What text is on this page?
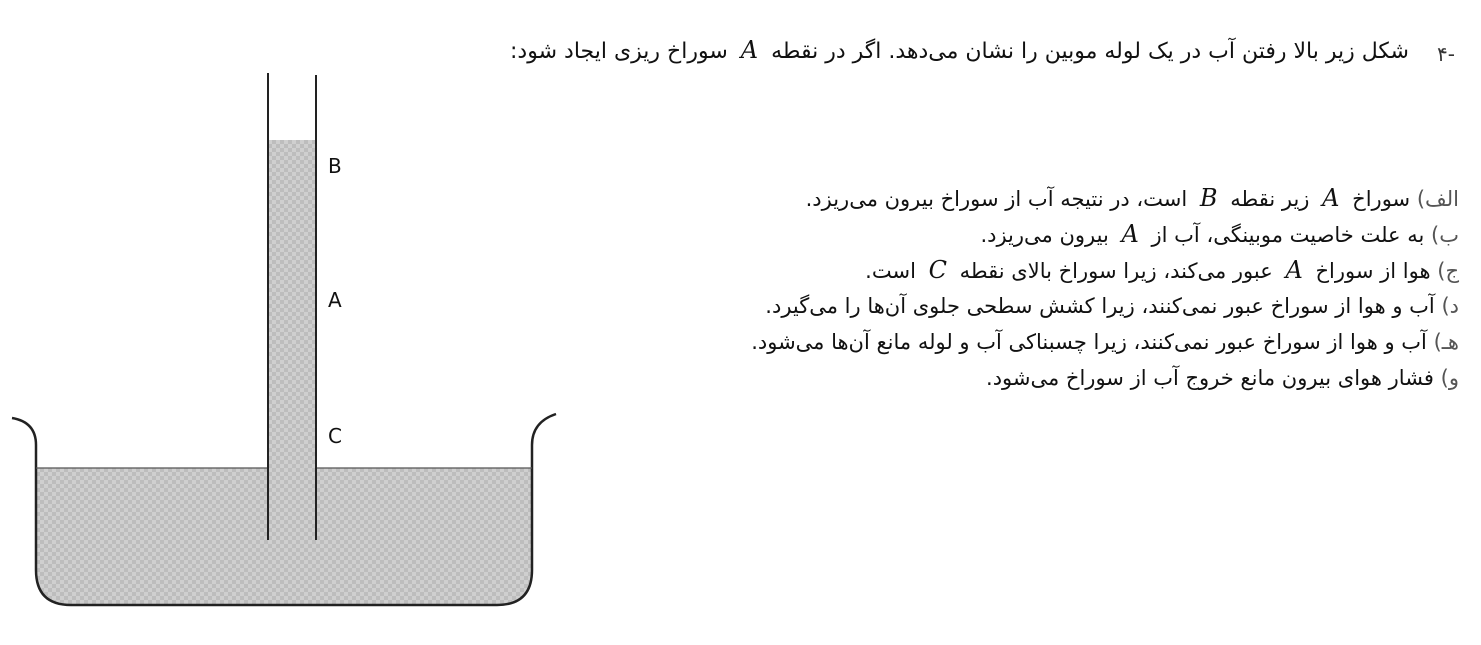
-۴
شکل زیر بالا رفتن آب در یک لوله موبین را نشان می‌دهد. اگر در نقطه A سوراخ ریزی ایجاد شود:
B
A
C
الف) سوراخ A زیر نقطه B است، در نتیجه آب از سوراخ بیرون می‌ریزد.
ب) به علت خاصیت موبینگی، آب از A بیرون می‌ریزد.
ج) هوا از سوراخ A عبور می‌کند، زیرا سوراخ بالای نقطه C است.
د) آب و هوا از سوراخ عبور نمی‌کنند، زیرا کشش سطحی جلوی آن‌ها را می‌گیرد.
هـ) آب و هوا از سوراخ عبور نمی‌کنند، زیرا چسبناکی آب و لوله مانع آن‌ها می‌شود.
و) فشار هوای بیرون مانع خروج آب از سوراخ می‌شود.
